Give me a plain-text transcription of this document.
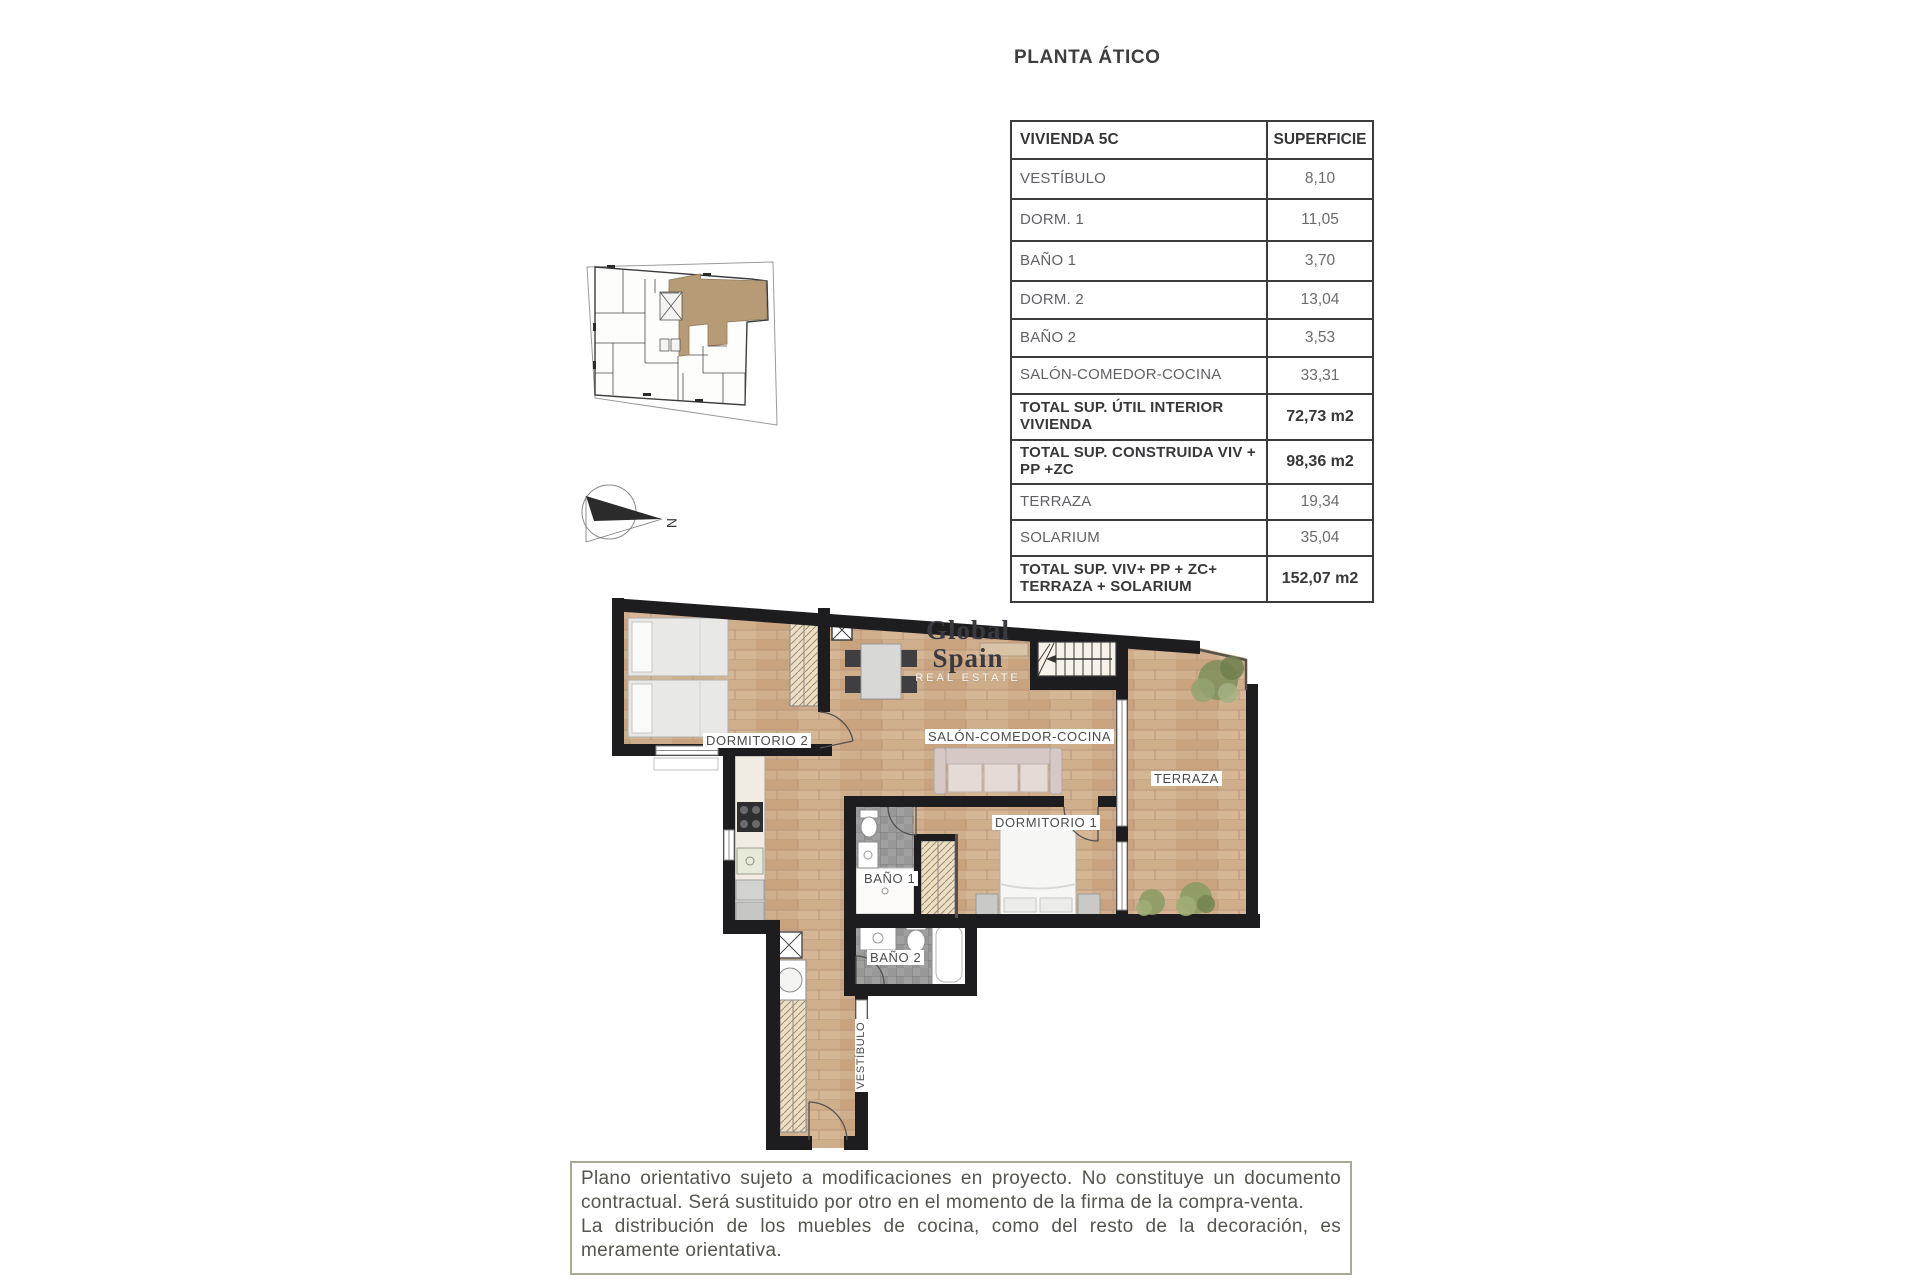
PLANTA ÁTICO
VIVIENDA 5C	SUPERFICIE
VESTÍBULO	8,10
DORM. 1	11,05
BAÑO 1	3,70
DORM. 2	13,04
BAÑO 2	3,53
SALÓN-COMEDOR-COCINA	33,31
TOTAL SUP. ÚTIL INTERIOR VIVIENDA	72,73 m2
TOTAL SUP. CONSTRUIDA VIV + PP +ZC	98,36 m2
TERRAZA	19,34
SOLARIUM	35,04
TOTAL SUP. VIV+ PP + ZC+ TERRAZA + SOLARIUM	152,07 m2
N
Global Spain
REAL ESTATE
DORMITORIO 2	SALÓN-COMEDOR-COCINA
TERRAZA
DORMITORIO 1
BAÑO 1
BAÑO 2
VESTÍBULO

Plano orientativo sujeto a modificaciones en proyecto. No constituye un documento contractual. Será sustituido por otro en el momento de la firma de la compra-venta.

La distribución de los muebles de cocina, como del resto de la decoración, es meramente orientativa.
